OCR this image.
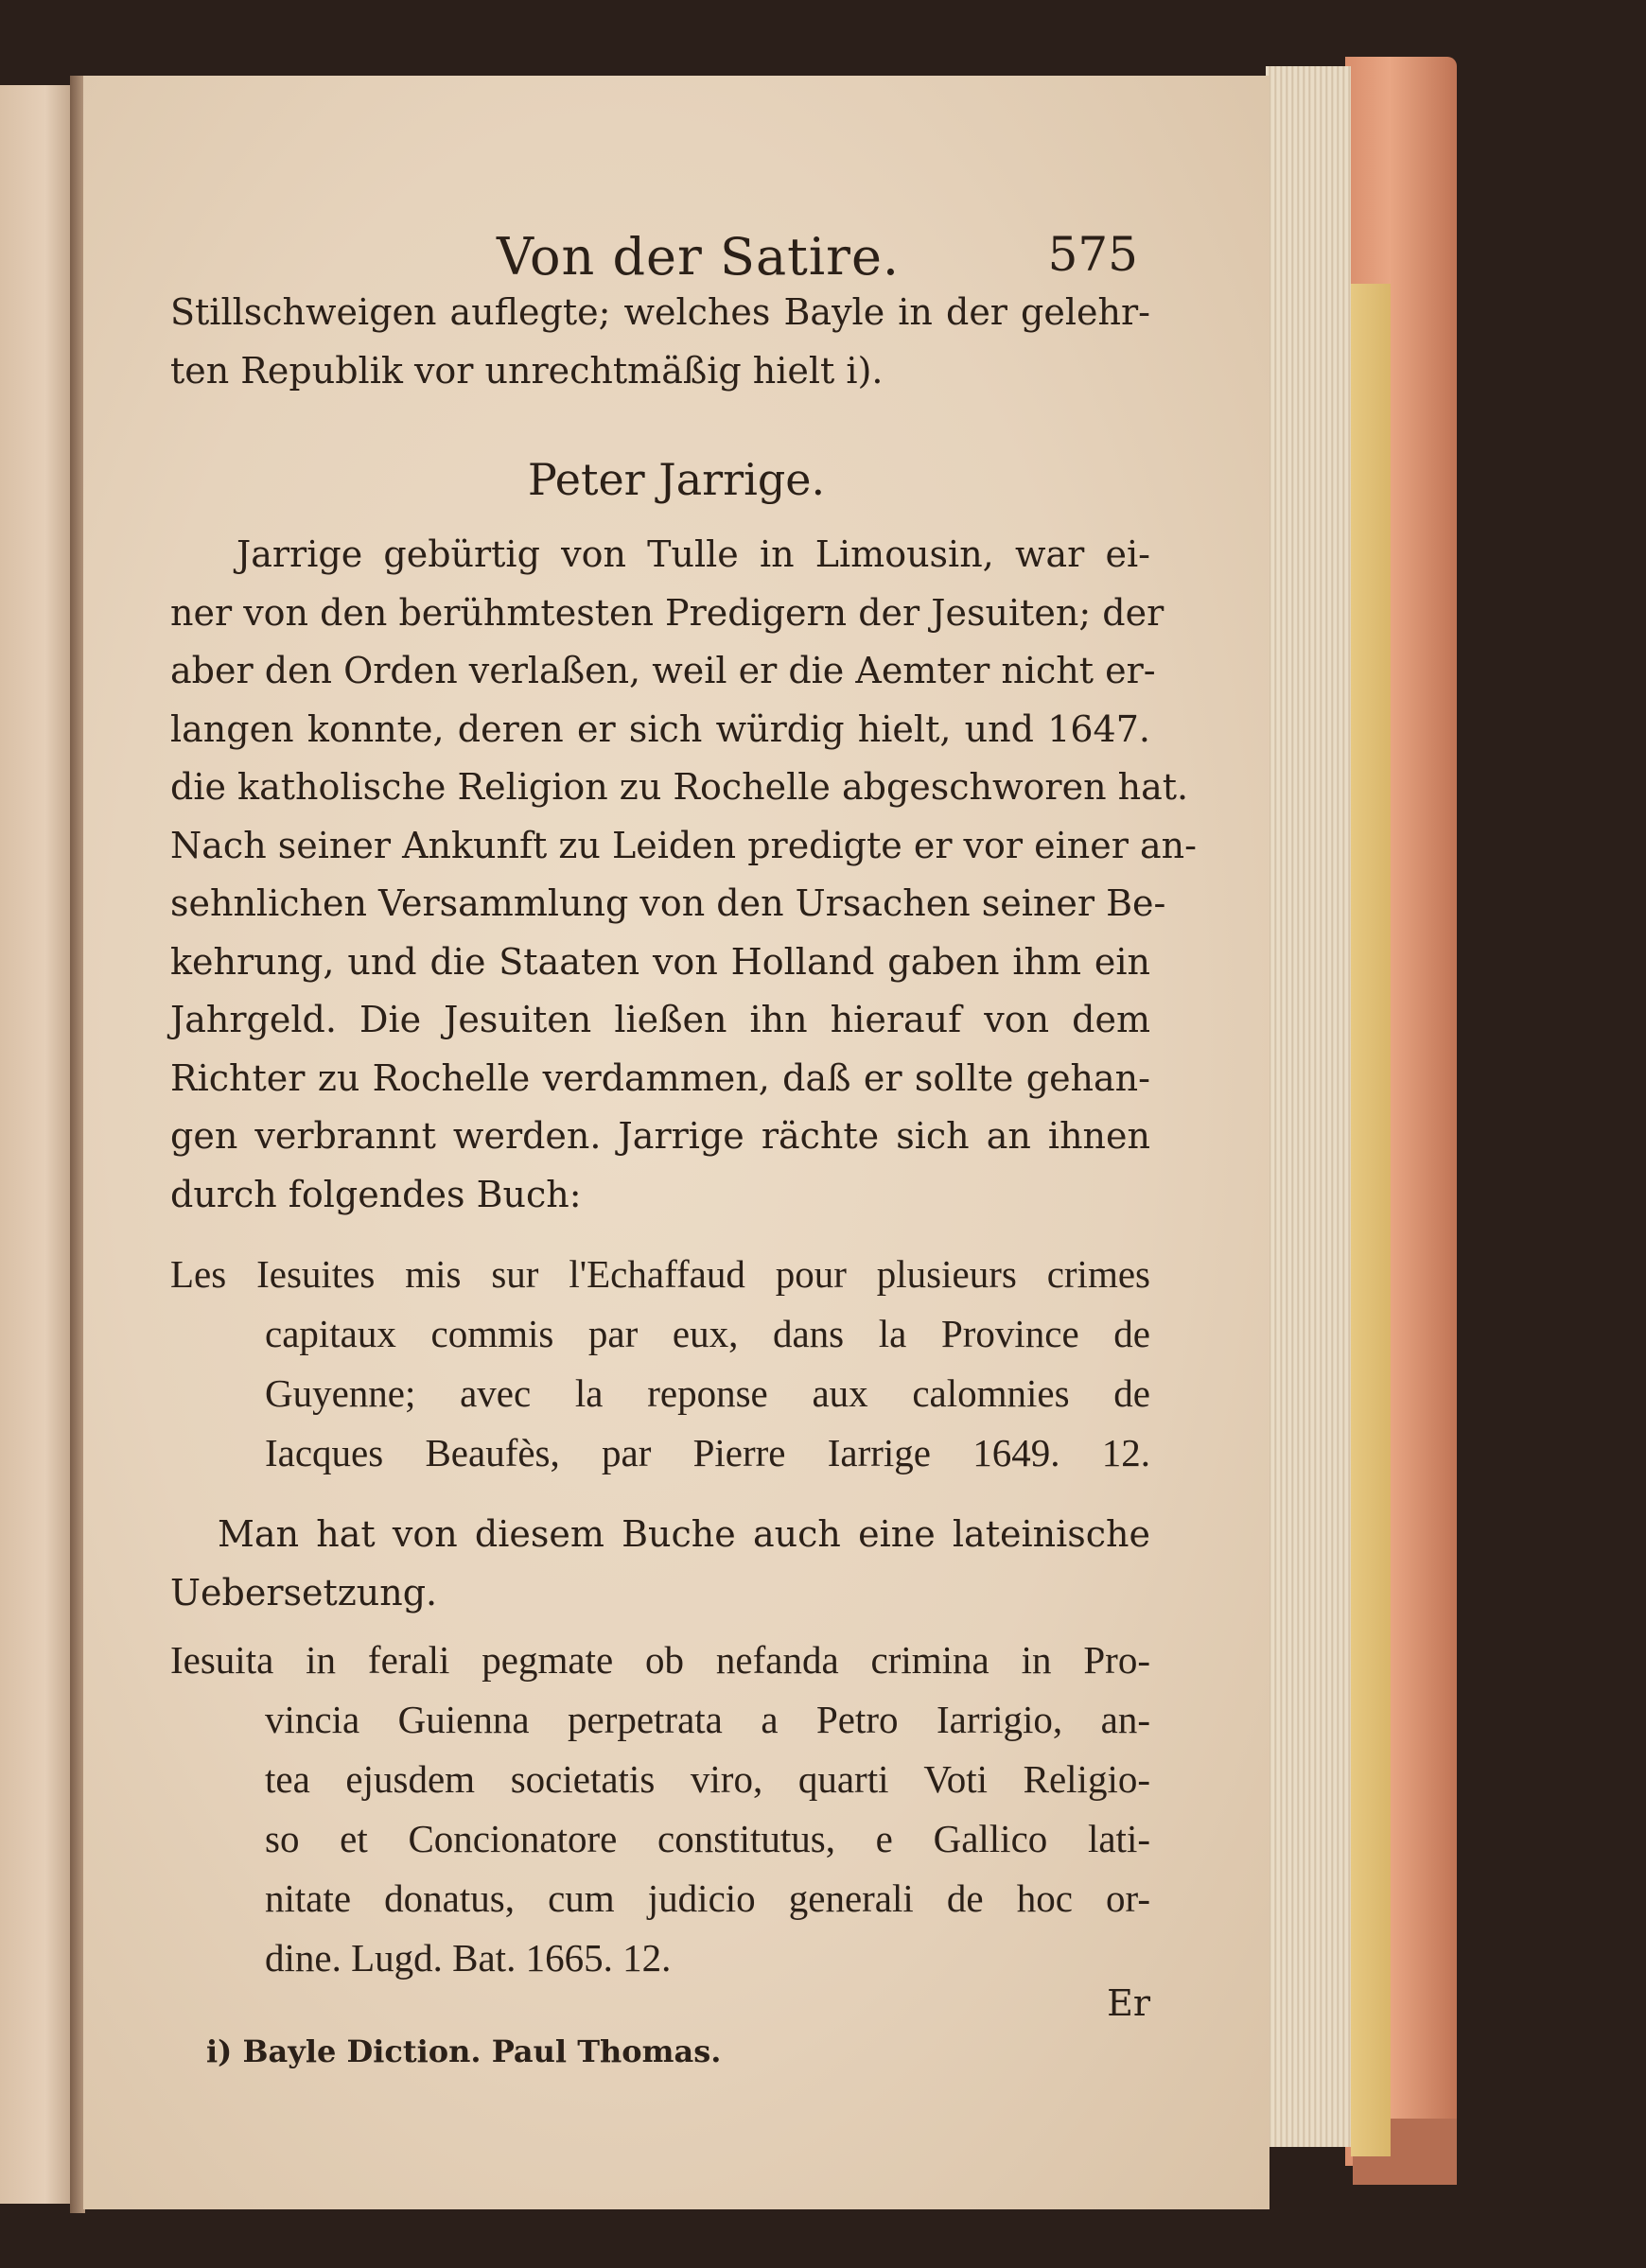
Von der Satire.	575
Stillschweigen auflegte; welches Bayle in der gelehr-
ten Republik vor unrechtmäßig hielt i).
Peter Jarrige.
Jarrige gebürtig von Tulle in Limousin, war ei-
ner von den berühmtesten Predigern der Jesuiten; der
aber den Orden verlaßen, weil er die Aemter nicht er-
langen konnte, deren er sich würdig hielt, und 1647.
die katholische Religion zu Rochelle abgeschworen hat.
Nach seiner Ankunft zu Leiden predigte er vor einer an-
sehnlichen Versammlung von den Ursachen seiner Be-
kehrung, und die Staaten von Holland gaben ihm ein
Jahrgeld. Die Jesuiten ließen ihn hierauf von dem
Richter zu Rochelle verdammen, daß er sollte gehan-
gen verbrannt werden. Jarrige rächte sich an ihnen
durch folgendes Buch:
Les Iesuites mis sur l'Echaffaud pour plusieurs crimes
capitaux commis par eux, dans la Province de
Guyenne; avec la reponse aux calomnies de
Iacques Beaufès, par Pierre Iarrige 1649. 12.
Man hat von diesem Buche auch eine lateinische
Uebersetzung.
Iesuita in ferali pegmate ob nefanda crimina in Pro-
vincia Guienna perpetrata a Petro Iarrigio, an-
tea ejusdem societatis viro, quarti Voti Religio-
so et Concionatore constitutus, e Gallico lati-
nitate donatus, cum judicio generali de hoc or-
dine. Lugd. Bat. 1665. 12.
Er
i) Bayle Diction. Paul Thomas.
